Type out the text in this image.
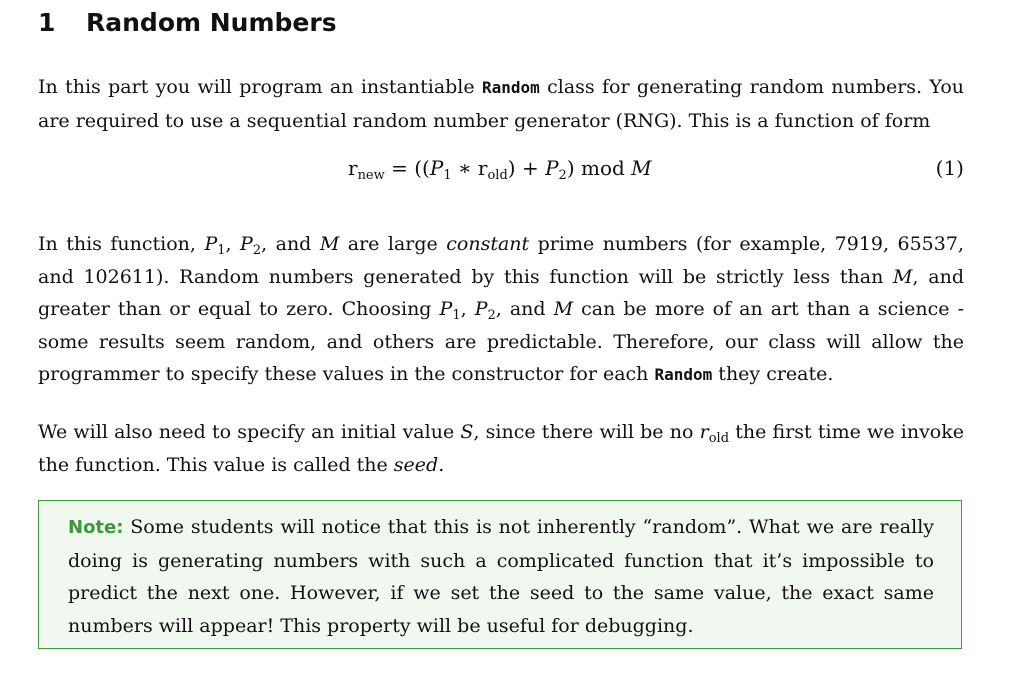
1 Random Numbers

In this part you will program an instantiable Random class for generating random numbers. You are required to use a sequential random number generator (RNG). This is a function of form

$r_{new} = ((P_1$ ∗ $r_{old}) + P_2$) mod M	(1)

In this function, $P_1$, $P_2$, and M are large constant prime numbers (for example, 7919, 65537, and 102611). Random numbers generated by this function will be strictly less than M, and greater than or equal to zero. Choosing $P_1$, $P_2$, and M can be more of an art than a science - some results seem random, and others are predictable. Therefore, our class will allow the programmer to specify these values in the constructor for each Random they create.

We will also need to specify an initial value S, since there will be no $r_{old}$ the first time we invoke the function. This value is called the seed.

Note: Some students will notice that this is not inherently “random”. What we are really doing is generating numbers with such a complicated function that it’s impossible to predict the next one. However, if we set the seed to the same value, the exact same numbers will appear! This property will be useful for debugging.
